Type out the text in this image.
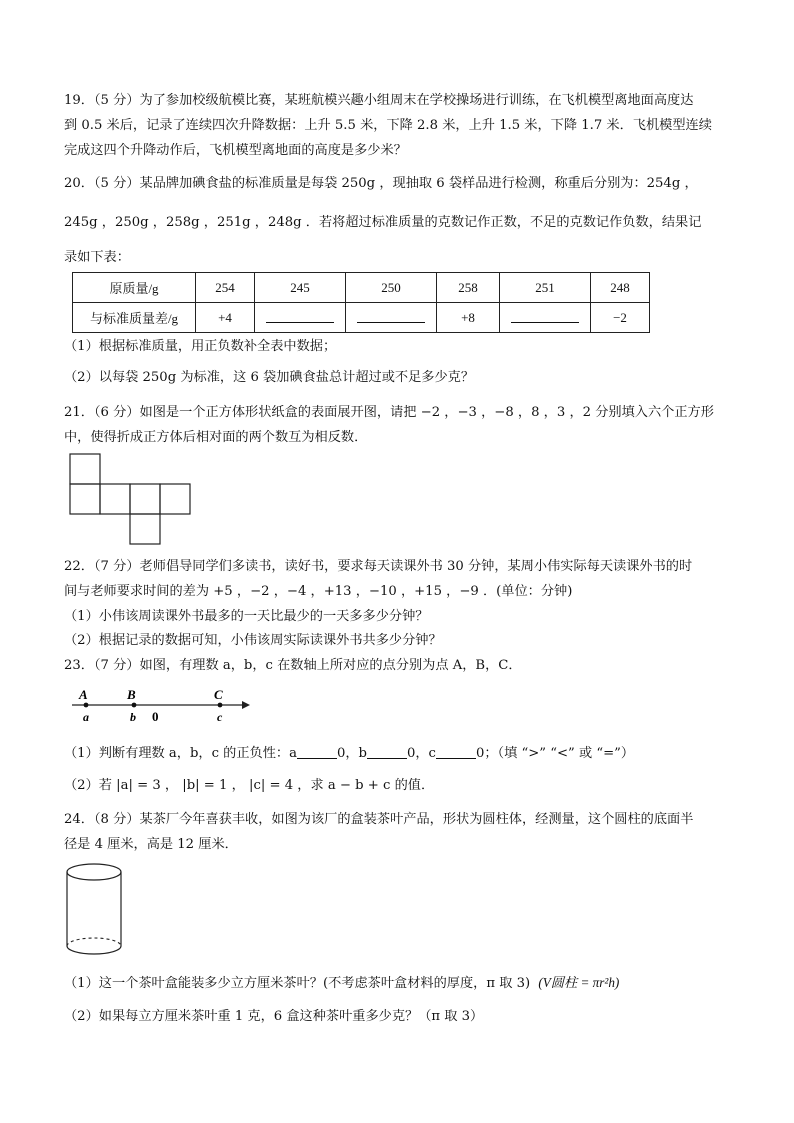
19．（5 分）为了参加校级航模比赛，某班航模兴趣小组周末在学校操场进行训练，在飞机模型离地面高度达
到 0.5 米后，记录了连续四次升降数据：上升 5.5 米，下降 2.8 米，上升 1.5 米，下降 1.7 米．飞机模型连续
完成这四个升降动作后，飞机模型离地面的高度是多少米？
20．（5 分）某品牌加碘食盐的标准质量是每袋 250g ，现抽取 6 袋样品进行检测，称重后分别为：254g ，
245g ，250g ，258g ，251g ，248g ．若将超过标准质量的克数记作正数，不足的克数记作负数，结果记
录如下表：
原质量/g	254	245	250	258	251	248
与标准质量差/g	+4			+8		−2
（1）根据标准质量，用正负数补全表中数据；
（2）以每袋 250g 为标准，这 6 袋加碘食盐总计超过或不足多少克？
21．（6 分）如图是一个正方体形状纸盒的表面展开图，请把 −2 ，−3 ，−8 ，8 ，3 ，2 分别填入六个正方形
中，使得折成正方体后相对面的两个数互为相反数．
22．（7 分）老师倡导同学们多读书，读好书，要求每天读课外书 30 分钟，某周小伟实际每天读课外书的时
间与老师要求时间的差为 +5 ，−2 ，−4 ，+13 ，−10 ，+15 ，−9 ．(单位：分钟)
（1）小伟该周读课外书最多的一天比最少的一天多多少分钟？
（2）根据记录的数据可知，小伟该周实际读课外书共多少分钟？
23．（7 分）如图，有理数 a，b，c 在数轴上所对应的点分别为点 A，B，C．
A	B	C
a	b 0	c
（1）判断有理数 a，b，c 的正负性：a	0，b	0，c	0；（填 “>” “<” 或 “=”）
（2）若 |a| = 3 ， |b| = 1 ， |c| = 4 ，求 a − b + c 的值．
24．（8 分）某茶厂今年喜获丰收，如图为该厂的盒装茶叶产品，形状为圆柱体，经测量，这个圆柱的底面半
径是 4 厘米，高是 12 厘米．
（1）这一个茶叶盒能装多少立方厘米茶叶？(不考虑茶叶盒材料的厚度，π 取 3) (V圆柱 = πr²h)
（2）如果每立方厘米茶叶重 1 克，6 盒这种茶叶重多少克？（π 取 3）
